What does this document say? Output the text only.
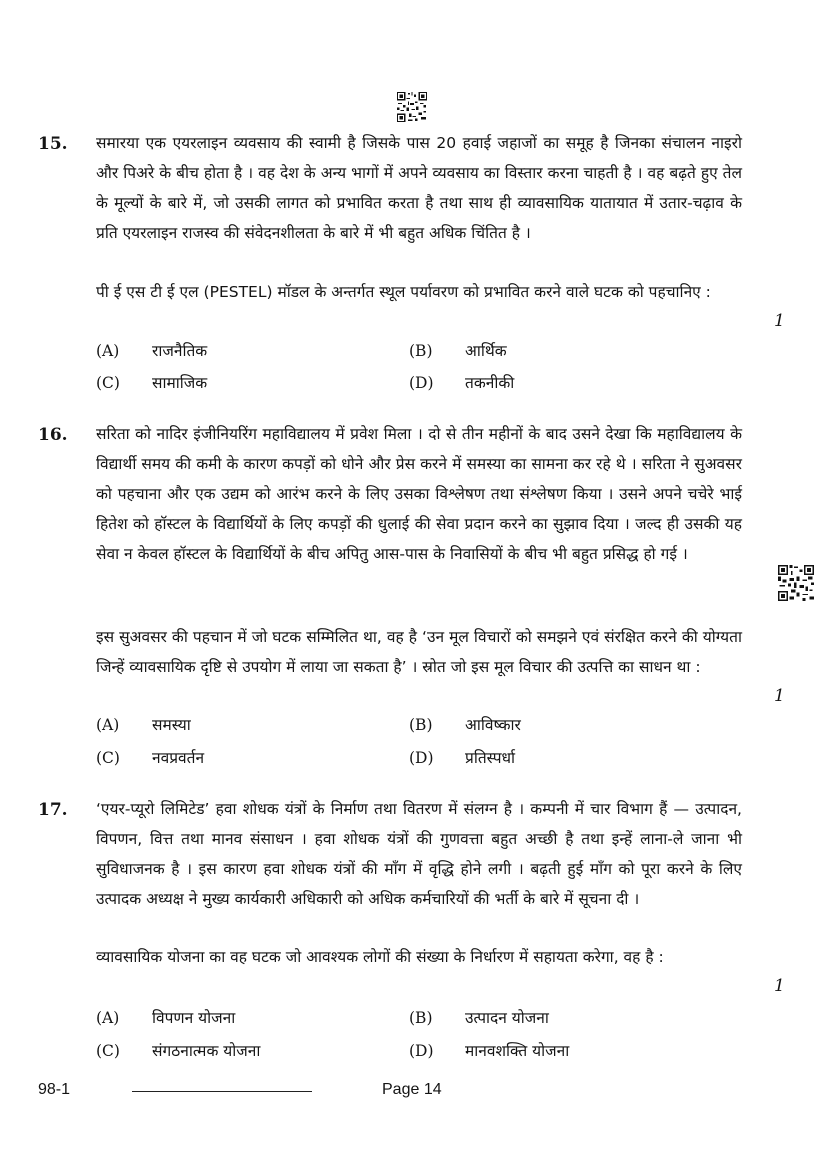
15. समारया एक एयरलाइन व्यवसाय की स्वामी है जिसके पास 20 हवाई जहाजों का समूह है जिनका संचालन नाइरो और पिअरे के बीच होता है । वह देश के अन्य भागों में अपने व्यवसाय का विस्तार करना चाहती है । वह बढ़ते हुए तेल के मूल्यों के बारे में, जो उसकी लागत को प्रभावित करता है तथा साथ ही व्यावसायिक यातायात में उतार-चढ़ाव के प्रति एयरलाइन राजस्व की संवेदनशीलता के बारे में भी बहुत अधिक चिंतित है ।
पी ई एस टी ई एल (PESTEL) मॉडल के अन्तर्गत स्थूल पर्यावरण को प्रभावित करने वाले घटक को पहचानिए :
1
(A) राजनैतिक	(B) आर्थिक
(C) सामाजिक	(D) तकनीकी
16. सरिता को नादिर इंजीनियरिंग महाविद्यालय में प्रवेश मिला । दो से तीन महीनों के बाद उसने देखा कि महाविद्यालय के विद्यार्थी समय की कमी के कारण कपड़ों को धोने और प्रेस करने में समस्या का सामना कर रहे थे । सरिता ने सुअवसर को पहचाना और एक उद्यम को आरंभ करने के लिए उसका विश्लेषण तथा संश्लेषण किया । उसने अपने चचेरे भाई हितेश को हॉस्टल के विद्यार्थियों के लिए कपड़ों की धुलाई की सेवा प्रदान करने का सुझाव दिया । जल्द ही उसकी यह सेवा न केवल हॉस्टल के विद्यार्थियों के बीच अपितु आस-पास के निवासियों के बीच भी बहुत प्रसिद्ध हो गई ।
इस सुअवसर की पहचान में जो घटक सम्मिलित था, वह है ‘उन मूल विचारों को समझने एवं संरक्षित करने की योग्यता जिन्हें व्यावसायिक दृष्टि से उपयोग में लाया जा सकता है’ । स्रोत जो इस मूल विचार की उत्पत्ति का साधन था :
1
(A) समस्या	(B) आविष्कार
(C) नवप्रवर्तन	(D) प्रतिस्पर्धा
17. ‘एयर-प्यूरो लिमिटेड’ हवा शोधक यंत्रों के निर्माण तथा वितरण में संलग्न है । कम्पनी में चार विभाग हैं — उत्पादन, विपणन, वित्त तथा मानव संसाधन । हवा शोधक यंत्रों की गुणवत्ता बहुत अच्छी है तथा इन्हें लाना-ले जाना भी सुविधाजनक है । इस कारण हवा शोधक यंत्रों की माँग में वृद्धि होने लगी । बढ़ती हुई माँग को पूरा करने के लिए उत्पादक अध्यक्ष ने मुख्य कार्यकारी अधिकारी को अधिक कर्मचारियों की भर्ती के बारे में सूचना दी ।
व्यावसायिक योजना का वह घटक जो आवश्यक लोगों की संख्या के निर्धारण में सहायता करेगा, वह है :
1
(A) विपणन योजना	(B) उत्पादन योजना
(C) संगठनात्मक योजना	(D) मानवशक्ति योजना
98-1	Page 14
